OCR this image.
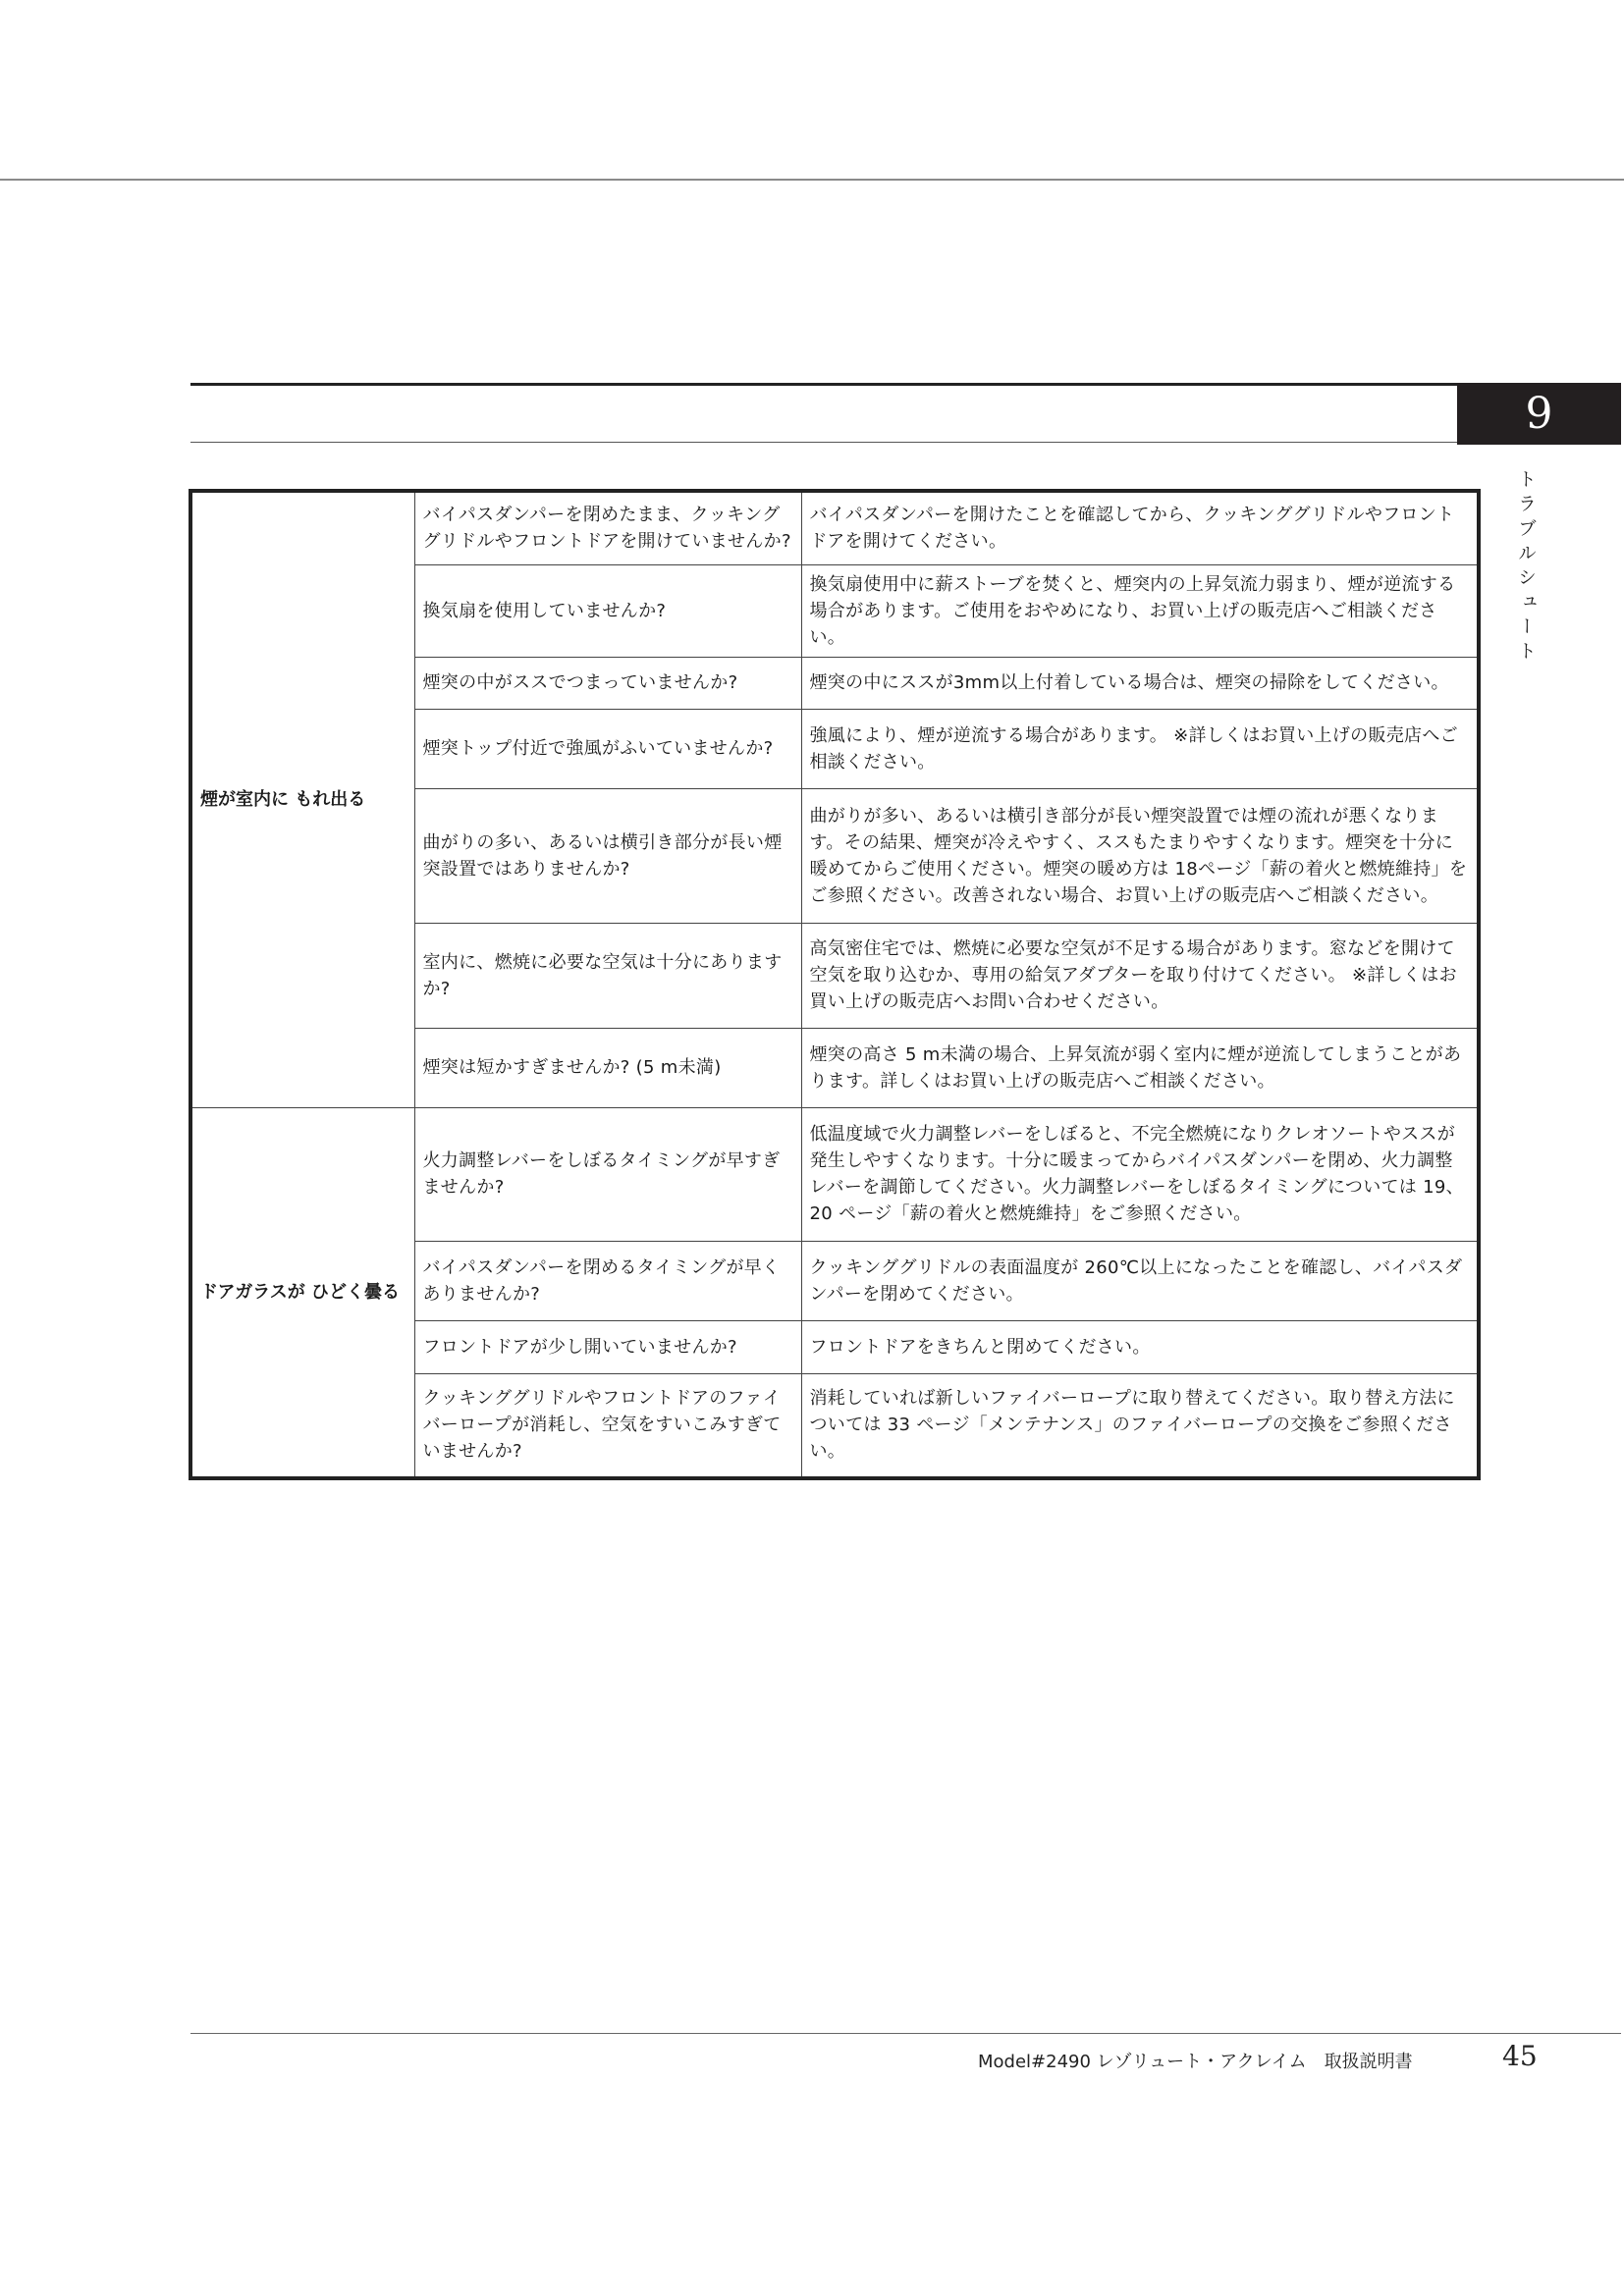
9
トラブルシュート
煙が室内に もれ出る	バイパスダンパーを閉めたまま、クッキング グリドルやフロントドアを開けていませんか?	バイパスダンパーを開けたことを確認してから、クッキンググリドルやフロントドアを開けてください。
	換気扇を使用していませんか?	換気扇使用中に薪ストーブを焚くと、煙突内の上昇気流力弱まり、煙が逆流する場合があります。ご使用をおやめになり、お買い上げの販売店へご相談ください。
	煙突の中がススでつまっていませんか?	煙突の中にススが3mm以上付着している場合は、煙突の掃除をしてください。
	煙突トップ付近で強風がふいていませんか?	強風により、煙が逆流する場合があります。 ※詳しくはお買い上げの販売店へご相談ください。
	曲がりの多い、あるいは横引き部分が長い煙突設置ではありませんか?	曲がりが多い、あるいは横引き部分が長い煙突設置では煙の流れが悪くなります。その結果、煙突が冷えやすく、ススもたまりやすくなります。煙突を十分に暖めてからご使用ください。煙突の暖め方は 18ページ「薪の着火と燃焼維持」をご参照ください。改善されない場合、お買い上げの販売店へご相談ください。
	室内に、燃焼に必要な空気は十分にありますか?	高気密住宅では、燃焼に必要な空気が不足する場合があります。窓などを開けて空気を取り込むか、専用の給気アダプターを取り付けてください。 ※詳しくはお買い上げの販売店へお問い合わせください。
	煙突は短かすぎませんか? (5 m未満)	煙突の高さ 5 m未満の場合、上昇気流が弱く室内に煙が逆流してしまうことがあります。詳しくはお買い上げの販売店へご相談ください。
ドアガラスが ひどく曇る	火力調整レバーをしぼるタイミングが早すぎませんか?	低温度域で火力調整レバーをしぼると、不完全燃焼になりクレオソートやススが発生しやすくなります。十分に暖まってからバイパスダンパーを閉め、火力調整レバーを調節してください。火力調整レバーをしぼるタイミングについては 19、20 ページ「薪の着火と燃焼維持」をご参照ください。
	バイパスダンパーを閉めるタイミングが早くありませんか?	クッキンググリドルの表面温度が 260℃以上になったことを確認し、バイパスダンパーを閉めてください。
	フロントドアが少し開いていませんか?	フロントドアをきちんと閉めてください。
	クッキンググリドルやフロントドアのファイバーロープが消耗し、空気をすいこみすぎていませんか?	消耗していれば新しいファイバーロープに取り替えてください。取り替え方法については 33 ページ「メンテナンス」のファイバーロープの交換をご参照ください。
Model#2490 レゾリュート・アクレイム　取扱説明書	45
